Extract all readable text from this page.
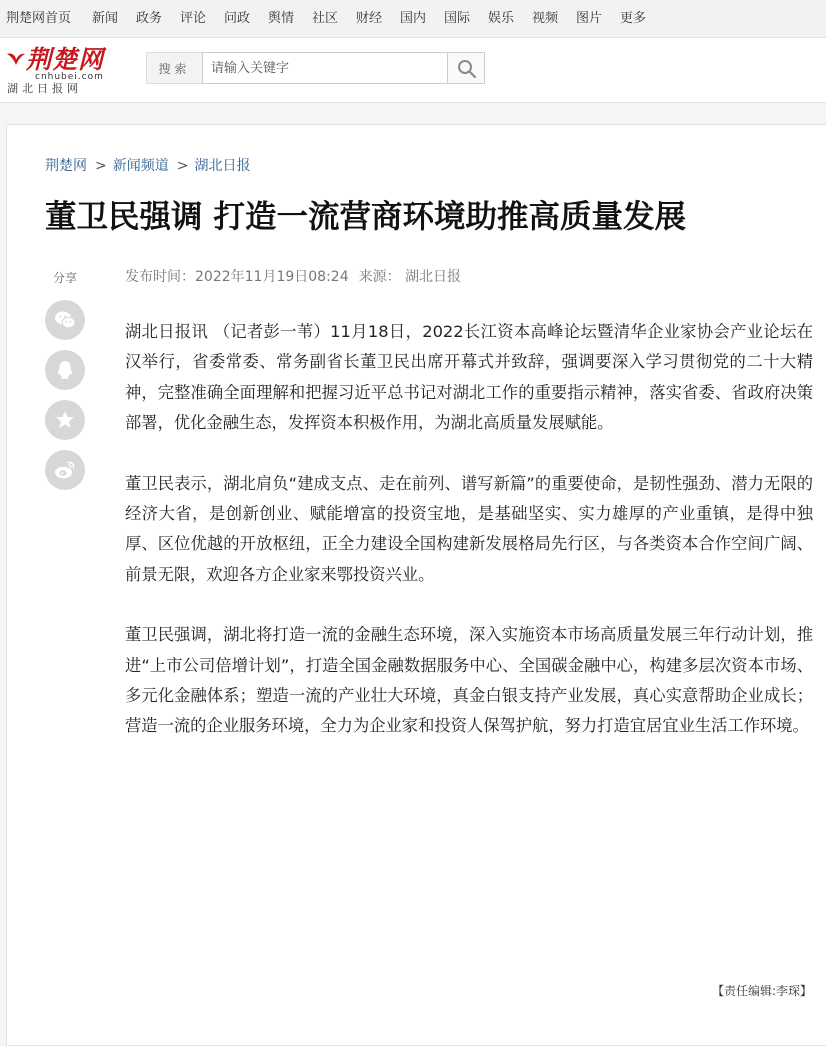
荆楚网首页 新闻 政务 评论 问政 舆情 社区 财经 国内 国际 娱乐 视频 图片 更多
荆楚网
cnhubei.com
湖北日报网
搜索
请输入关键字
荆楚网 > 新闻频道 > 湖北日报
董卫民强调 打造一流营商环境助推高质量发展
分享	发布时间：2022年11月19日08:24 来源： 湖北日报

湖北日报讯 （记者彭一苇）11月18日，2022长江资本高峰论坛暨清华企业家协会产业论坛在汉举行，省委常委、常务副省长董卫民出席开幕式并致辞，强调要深入学习贯彻党的二十大精神，完整准确全面理解和把握习近平总书记对湖北工作的重要指示精神，落实省委、省政府决策部署，优化金融生态，发挥资本积极作用，为湖北高质量发展赋能。

董卫民表示，湖北肩负“建成支点、走在前列、谱写新篇”的重要使命，是韧性强劲、潜力无限的经济大省，是创新创业、赋能增富的投资宝地，是基础坚实、实力雄厚的产业重镇，是得中独厚、区位优越的开放枢纽，正全力建设全国构建新发展格局先行区，与各类资本合作空间广阔、前景无限，欢迎各方企业家来鄂投资兴业。

董卫民强调，湖北将打造一流的金融生态环境，深入实施资本市场高质量发展三年行动计划，推进“上市公司倍增计划”，打造全国金融数据服务中心、全国碳金融中心，构建多层次资本市场、多元化金融体系；塑造一流的产业壮大环境，真金白银支持产业发展，真心实意帮助企业成长；营造一流的企业服务环境，全力为企业家和投资人保驾护航，努力打造宜居宜业生活工作环境。

【责任编辑:李琛】
